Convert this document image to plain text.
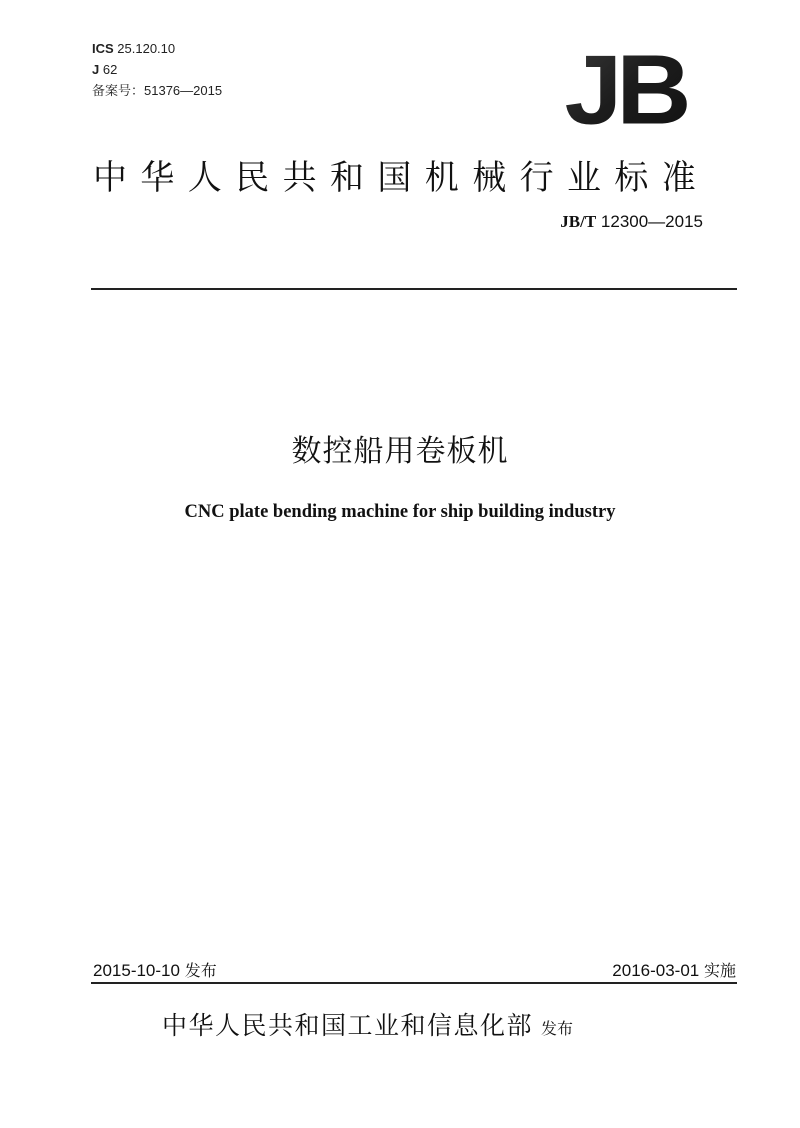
ICS 25.120.10
J 62
备案号：51376—2015	JB
中华人民共和国机械行业标准
JB/T 12300—2015
数控船用卷板机
CNC plate bending machine for ship building industry
2015-10-10 发布	2016-03-01 实施
中华人民共和国工业和信息化部 发布
